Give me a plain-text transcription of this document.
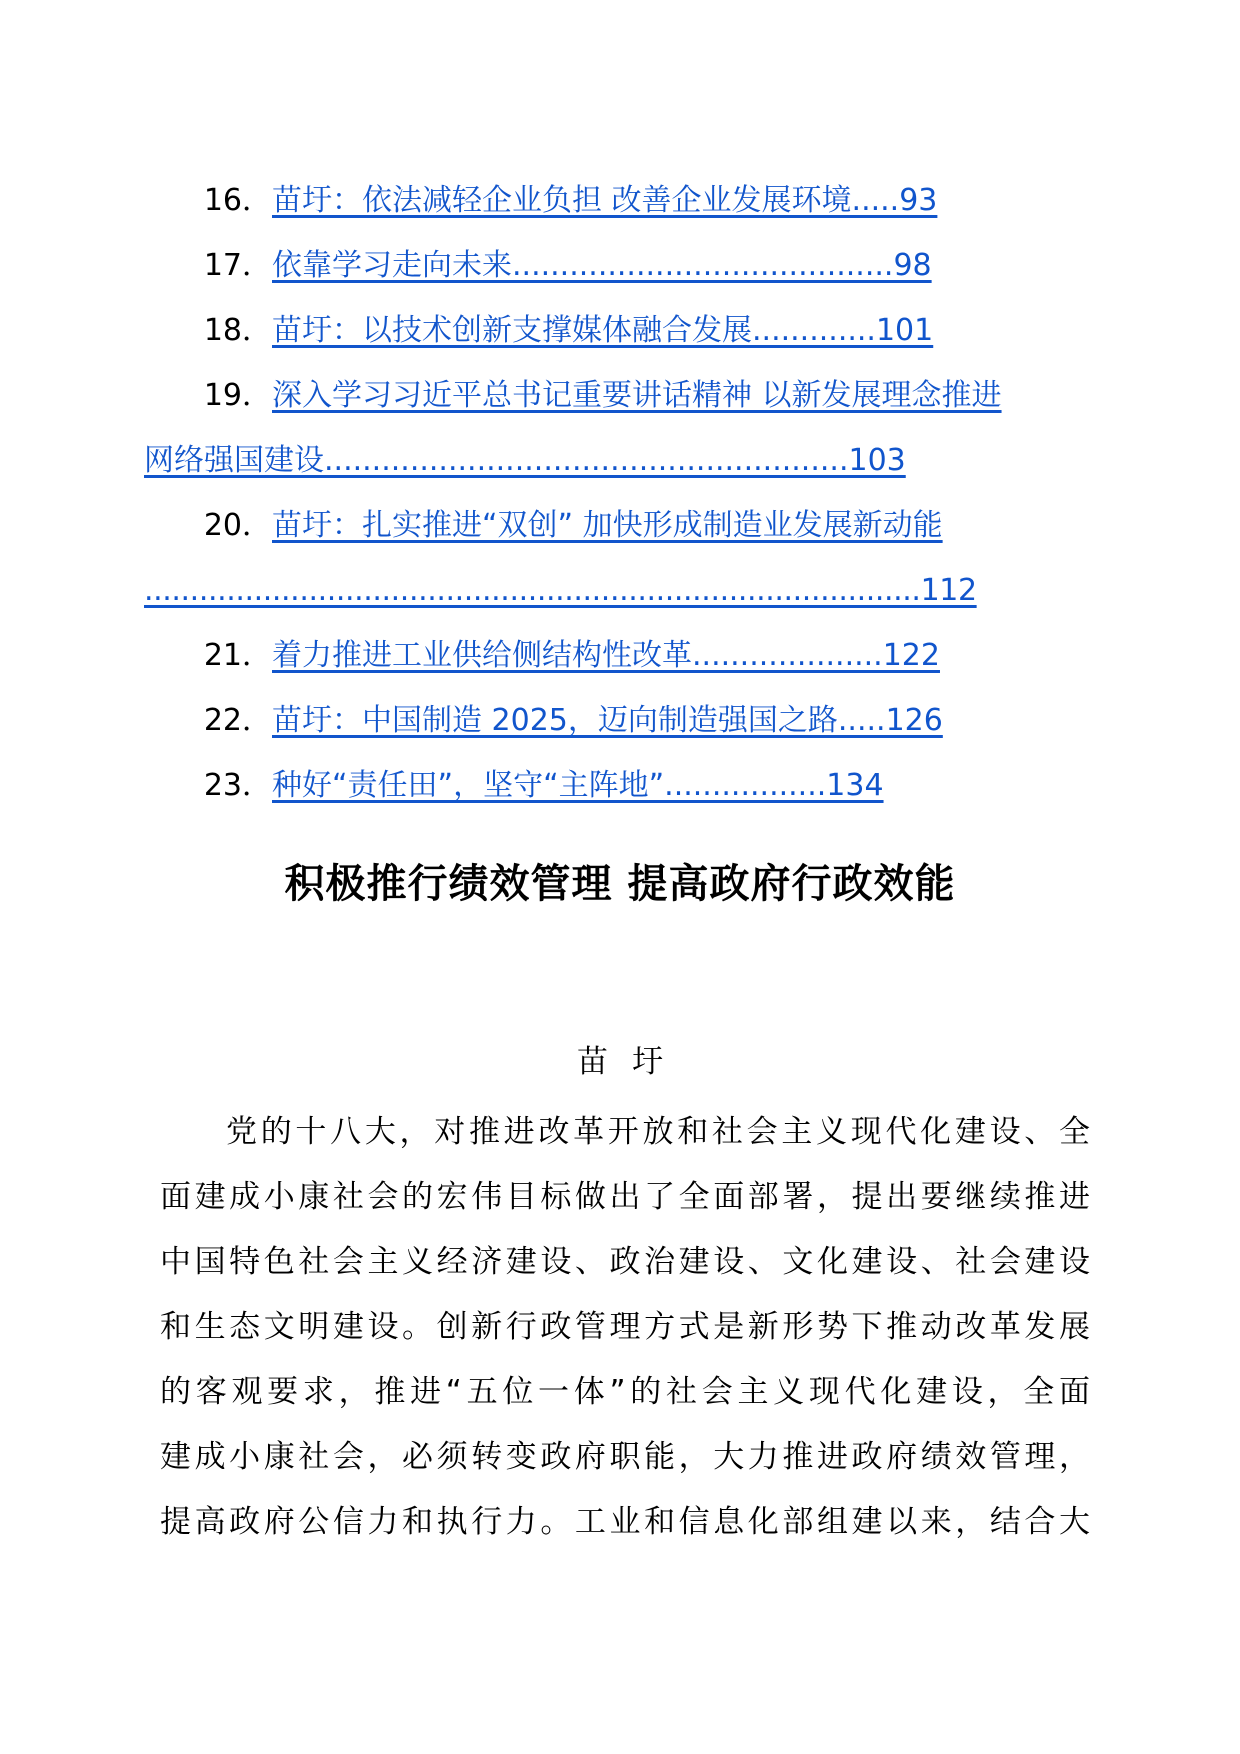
16．苗圩：依法减轻企业负担 改善企业发展环境.....93
17．依靠学习走向未来........................................98
18．苗圩：以技术创新支撑媒体融合发展.............101
19．深入学习习近平总书记重要讲话精神 以新发展理念推进
网络强国建设.......................................................103
20．苗圩：扎实推进“双创” 加快形成制造业发展新动能
.....................................................................................112
21．着力推进工业供给侧结构性改革....................122
22．苗圩：中国制造 2025，迈向制造强国之路.....126
23．种好“责任田”，坚守“主阵地”.................134
积极推行绩效管理 提高政府行政效能
苗圩
党的十八大，对推进改革开放和社会主义现代化建设、全
面建成小康社会的宏伟目标做出了全面部署，提出要继续推进
中国特色社会主义经济建设、政治建设、文化建设、社会建设
和生态文明建设。创新行政管理方式是新形势下推动改革发展
的客观要求，推进“五位一体”的社会主义现代化建设，全面
建成小康社会，必须转变政府职能，大力推进政府绩效管理，
提高政府公信力和执行力。工业和信息化部组建以来，结合大
